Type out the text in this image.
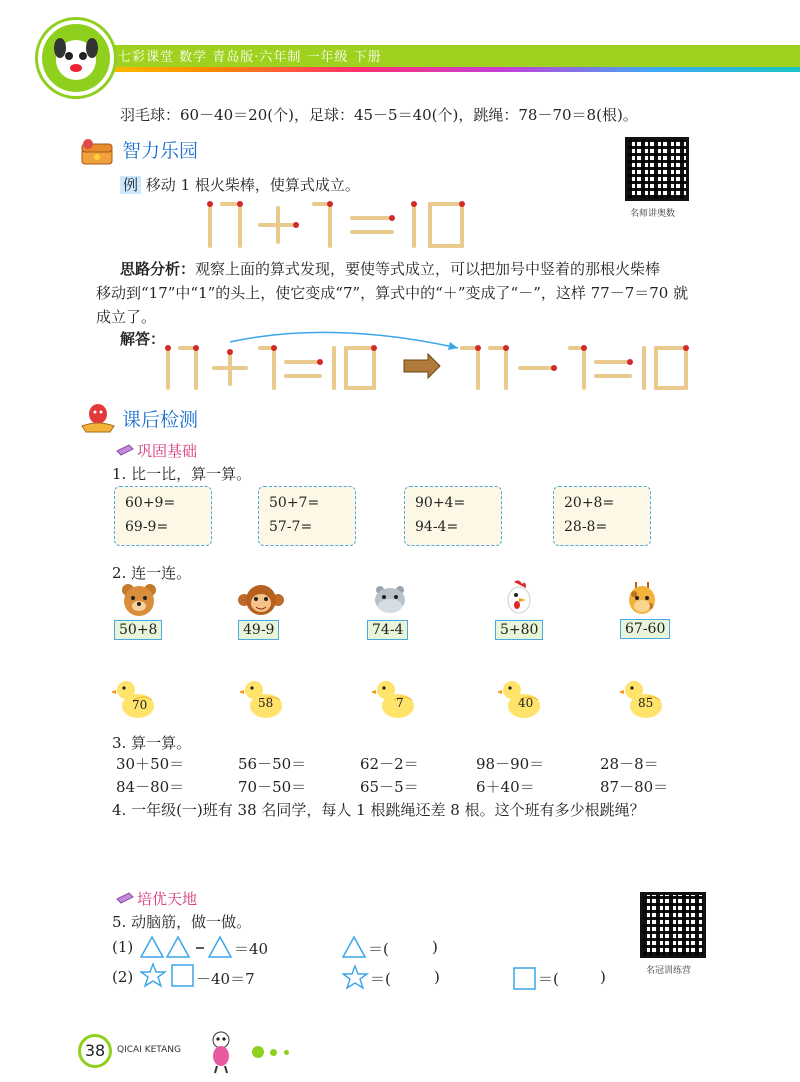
七彩课堂 数学 青岛版·六年制 一年级 下册
羽毛球：60－40＝20(个)，足球：45－5＝40(个)，跳绳：78－70＝8(根)。
智力乐园
名师讲奥数
例 移动 1 根火柴棒，使算式成立。
思路分析：观察上面的算式发现，要使等式成立，可以把加号中竖着的那根火柴棒
移动到“17”中“1”的头上，使它变成“7”，算式中的“＋”变成了“－”，这样 77－7＝70 就
成立了。
解答：
课后检测
巩固基础
1. 比一比，算一算。
60+9=
69-9=
50+7=
57-7=
90+4=
94-4=
20+8=
28-8=
2. 连一连。
50+8	49-9	74-4	5+80	67-60
70	58	7	40	85
3. 算一算。
30＋50＝	56－50＝	62－2＝	98－90＝	28－8＝
84－80＝	70－50＝	65－5＝	6＋40＝	87－80＝
4. 一年级(一)班有 38 名同学，每人 1 根跳绳还差 8 根。这个班有多少根跳绳？
培优天地
名冠训练营
5. 动脑筋，做一做。
(1)	＝40	＝(	)
(2)	－40＝7	＝(	)	＝(	)
38	QICAI KETANG
